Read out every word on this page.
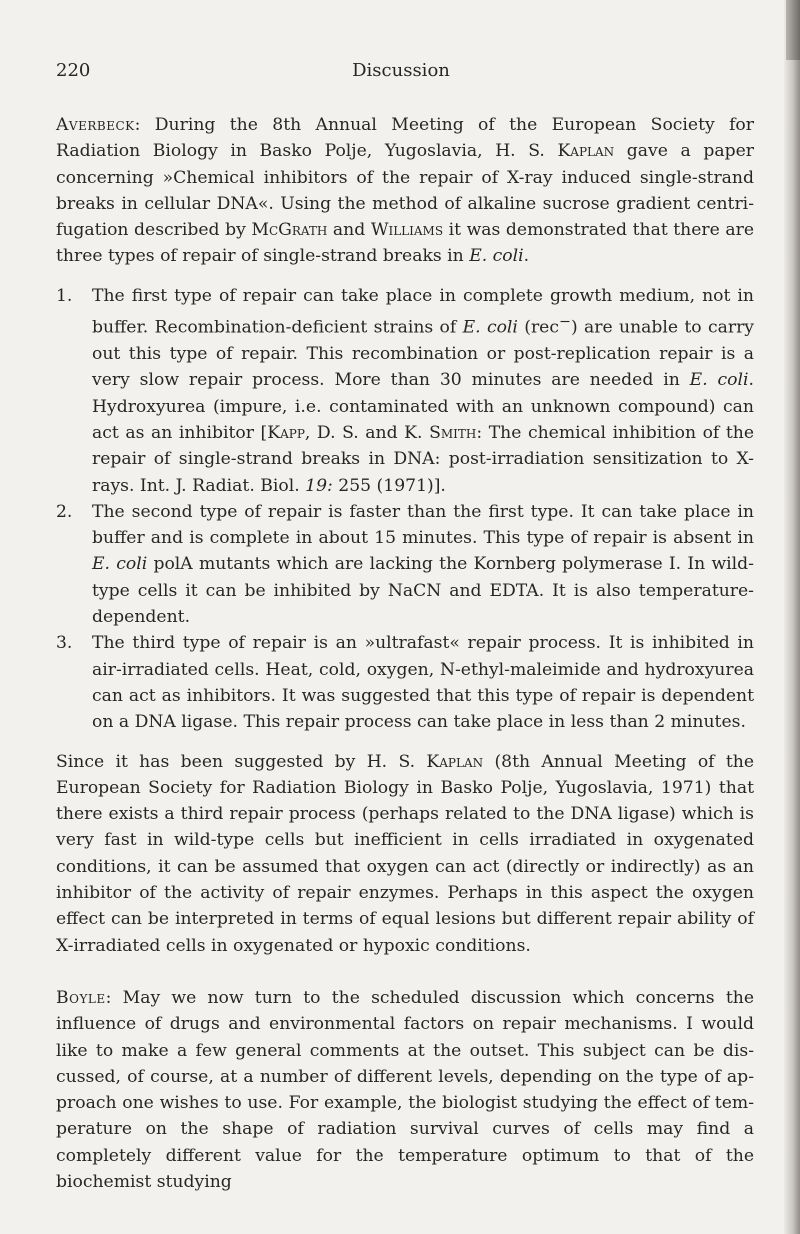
220	Discussion

Averbeck: During the 8th Annual Meeting of the European Society for Radiation Biology in Basko Polje, Yugoslavia, H. S. Kaplan gave a paper concerning »Chemical inhibitors of the repair of X-ray induced single-strand breaks in cellular DNA«. Using the method of alkaline sucrose gradient centrifugation described by McGrath and Williams it was demonstrated that there are three types of repair of single-strand breaks in E. coli.

1. The first type of repair can take place in complete growth medium, not in buffer. Recombination-deficient strains of E. coli (rec−) are unable to carry out this type of repair. This recombination or post-replication repair is a very slow repair process. More than 30 minutes are needed in E. coli. Hydroxyurea (impure, i.e. contaminated with an unknown compound) can act as an inhibitor [Kapp, D. S. and K. Smith: The chemical inhibition of the repair of single-strand breaks in DNA: post-irradiation sensitization to X-rays. Int. J. Radiat. Biol. 19: 255 (1971)].
2. The second type of repair is faster than the first type. It can take place in buffer and is complete in about 15 minutes. This type of repair is absent in E. coli polA mutants which are lacking the Kornberg polymerase I. In wild-type cells it can be inhibited by NaCN and EDTA. It is also temperature-dependent.
3. The third type of repair is an »ultrafast« repair process. It is inhibited in air-irradiated cells. Heat, cold, oxygen, N-ethyl-maleimide and hydroxyurea can act as inhibitors. It was suggested that this type of repair is dependent on a DNA ligase. This repair process can take place in less than 2 minutes.

Since it has been suggested by H. S. Kaplan (8th Annual Meeting of the European Society for Radiation Biology in Basko Polje, Yugoslavia, 1971) that there exists a third repair process (perhaps related to the DNA ligase) which is very fast in wild-type cells but inefficient in cells irradiated in oxygenated conditions, it can be assumed that oxygen can act (directly or indirectly) as an inhibitor of the activity of repair enzymes. Perhaps in this aspect the oxygen effect can be interpreted in terms of equal lesions but different repair ability of X-irradiated cells in oxygenated or hypoxic conditions.

Boyle: May we now turn to the scheduled discussion which concerns the influence of drugs and environmental factors on repair mechanisms. I would like to make a few general comments at the outset. This subject can be discussed, of course, at a number of different levels, depending on the type of approach one wishes to use. For example, the biologist studying the effect of temperature on the shape of radiation survival curves of cells may find a completely different value for the temperature optimum to that of the biochemist studying
